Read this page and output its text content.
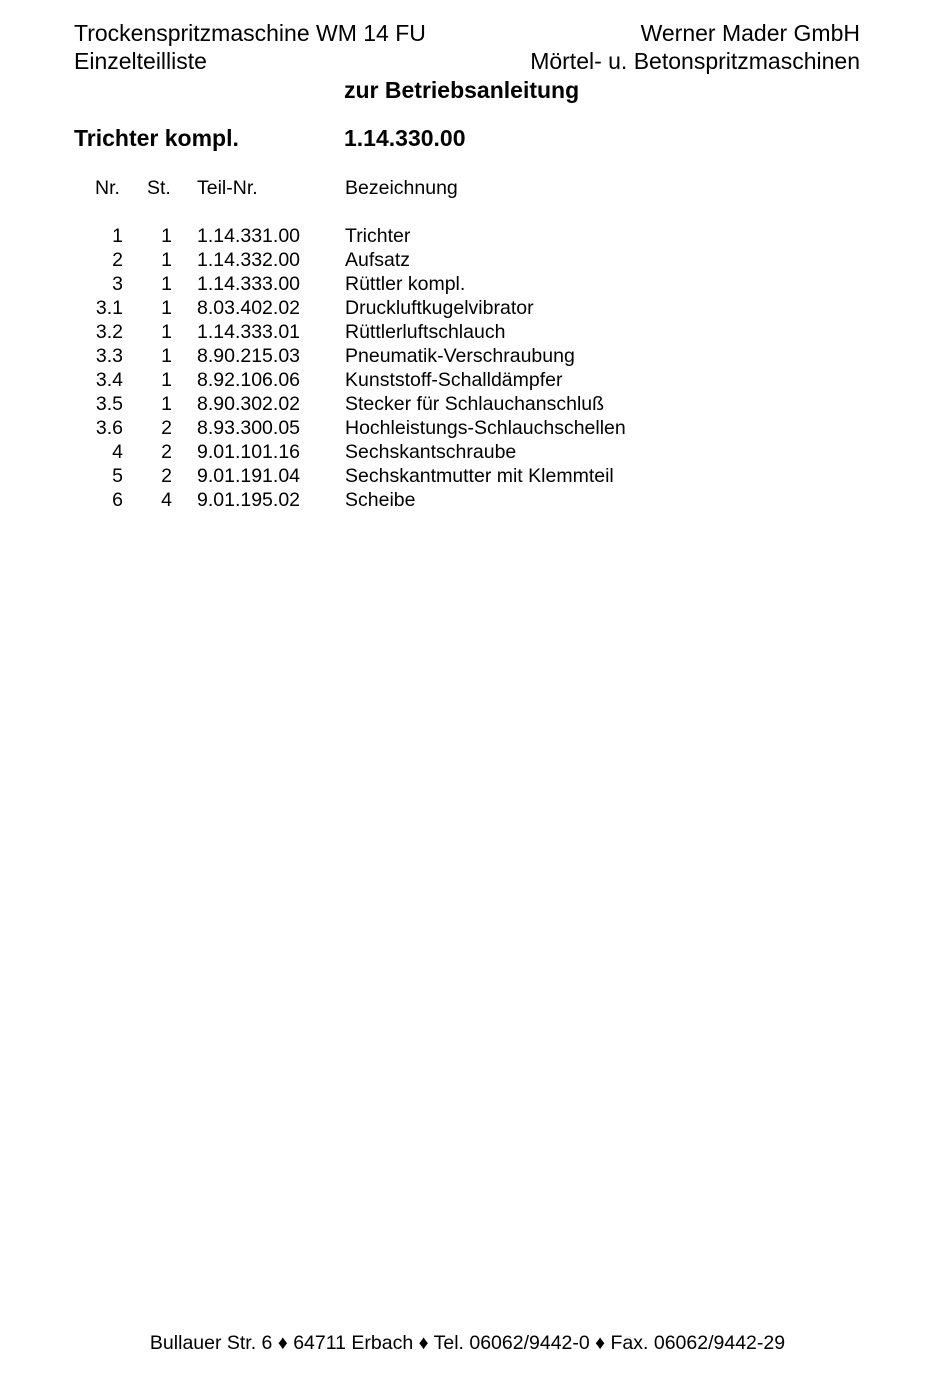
Trockenspritzmaschine WM 14 FU
Einzelteilliste
Werner Mader GmbH
Mörtel- u. Betonspritzmaschinen
zur Betriebsanleitung
Trichter kompl.	1.14.330.00
Nr. St. Teil-Nr.	Bezeichnung
1 1 1.14.331.00 Trichter
2 1 1.14.332.00 Aufsatz
3 1 1.14.333.00 Rüttler kompl.
3.1 1 8.03.402.02 Druckluftkugelvibrator
3.2 1 1.14.333.01 Rüttlerluftschlauch
3.3 1 8.90.215.03 Pneumatik-Verschraubung
3.4 1 8.92.106.06 Kunststoff-Schalldämpfer
3.5 1 8.90.302.02 Stecker für Schlauchanschluß
3.6 2 8.93.300.05 Hochleistungs-Schlauchschellen
4 2 9.01.101.16 Sechskantschraube
5 2 9.01.191.04 Sechskantmutter mit Klemmteil
6 4 9.01.195.02 Scheibe
Bullauer Str. 6 ♦ 64711 Erbach ♦ Tel. 06062/9442-0 ♦ Fax. 06062/9442-29
